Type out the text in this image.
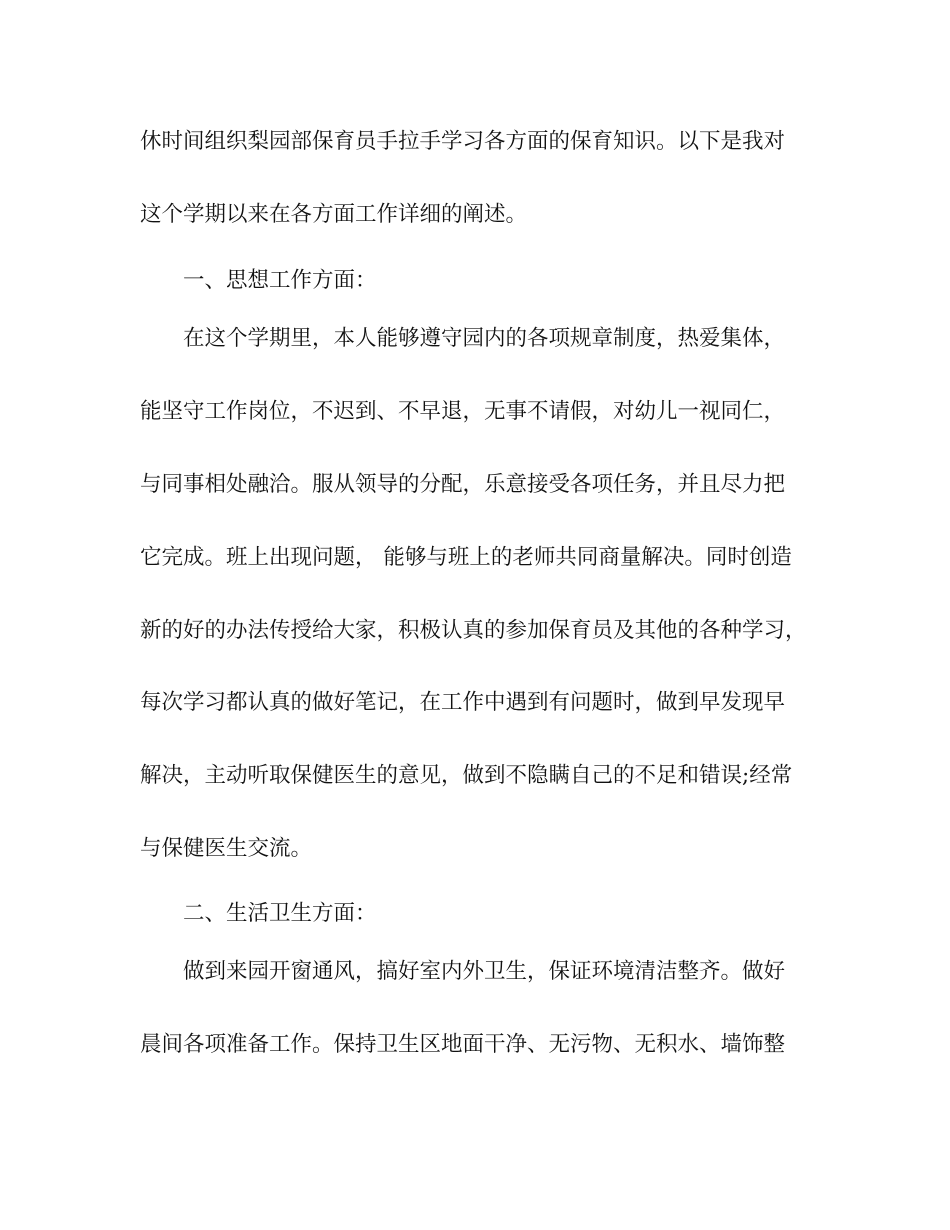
休时间组织梨园部保育员手拉手学习各方面的保育知识。以下是我对
这个学期以来在各方面工作详细的阐述。
一、思想工作方面：
在这个学期里，本人能够遵守园内的各项规章制度，热爱集体，
能坚守工作岗位，不迟到、不早退，无事不请假，对幼儿一视同仁，
与同事相处融洽。服从领导的分配，乐意接受各项任务，并且尽力把
它完成。班上出现问题， 能够与班上的老师共同商量解决。同时创造
新的好的办法传授给大家，积极认真的参加保育员及其他的各种学习，
每次学习都认真的做好笔记，在工作中遇到有问题时，做到早发现早
解决，主动听取保健医生的意见，做到不隐瞒自己的不足和错误;经常
与保健医生交流。
二、生活卫生方面：
做到来园开窗通风，搞好室内外卫生，保证环境清洁整齐。做好
晨间各项准备工作。保持卫生区地面干净、无污物、无积水、墙饰整
